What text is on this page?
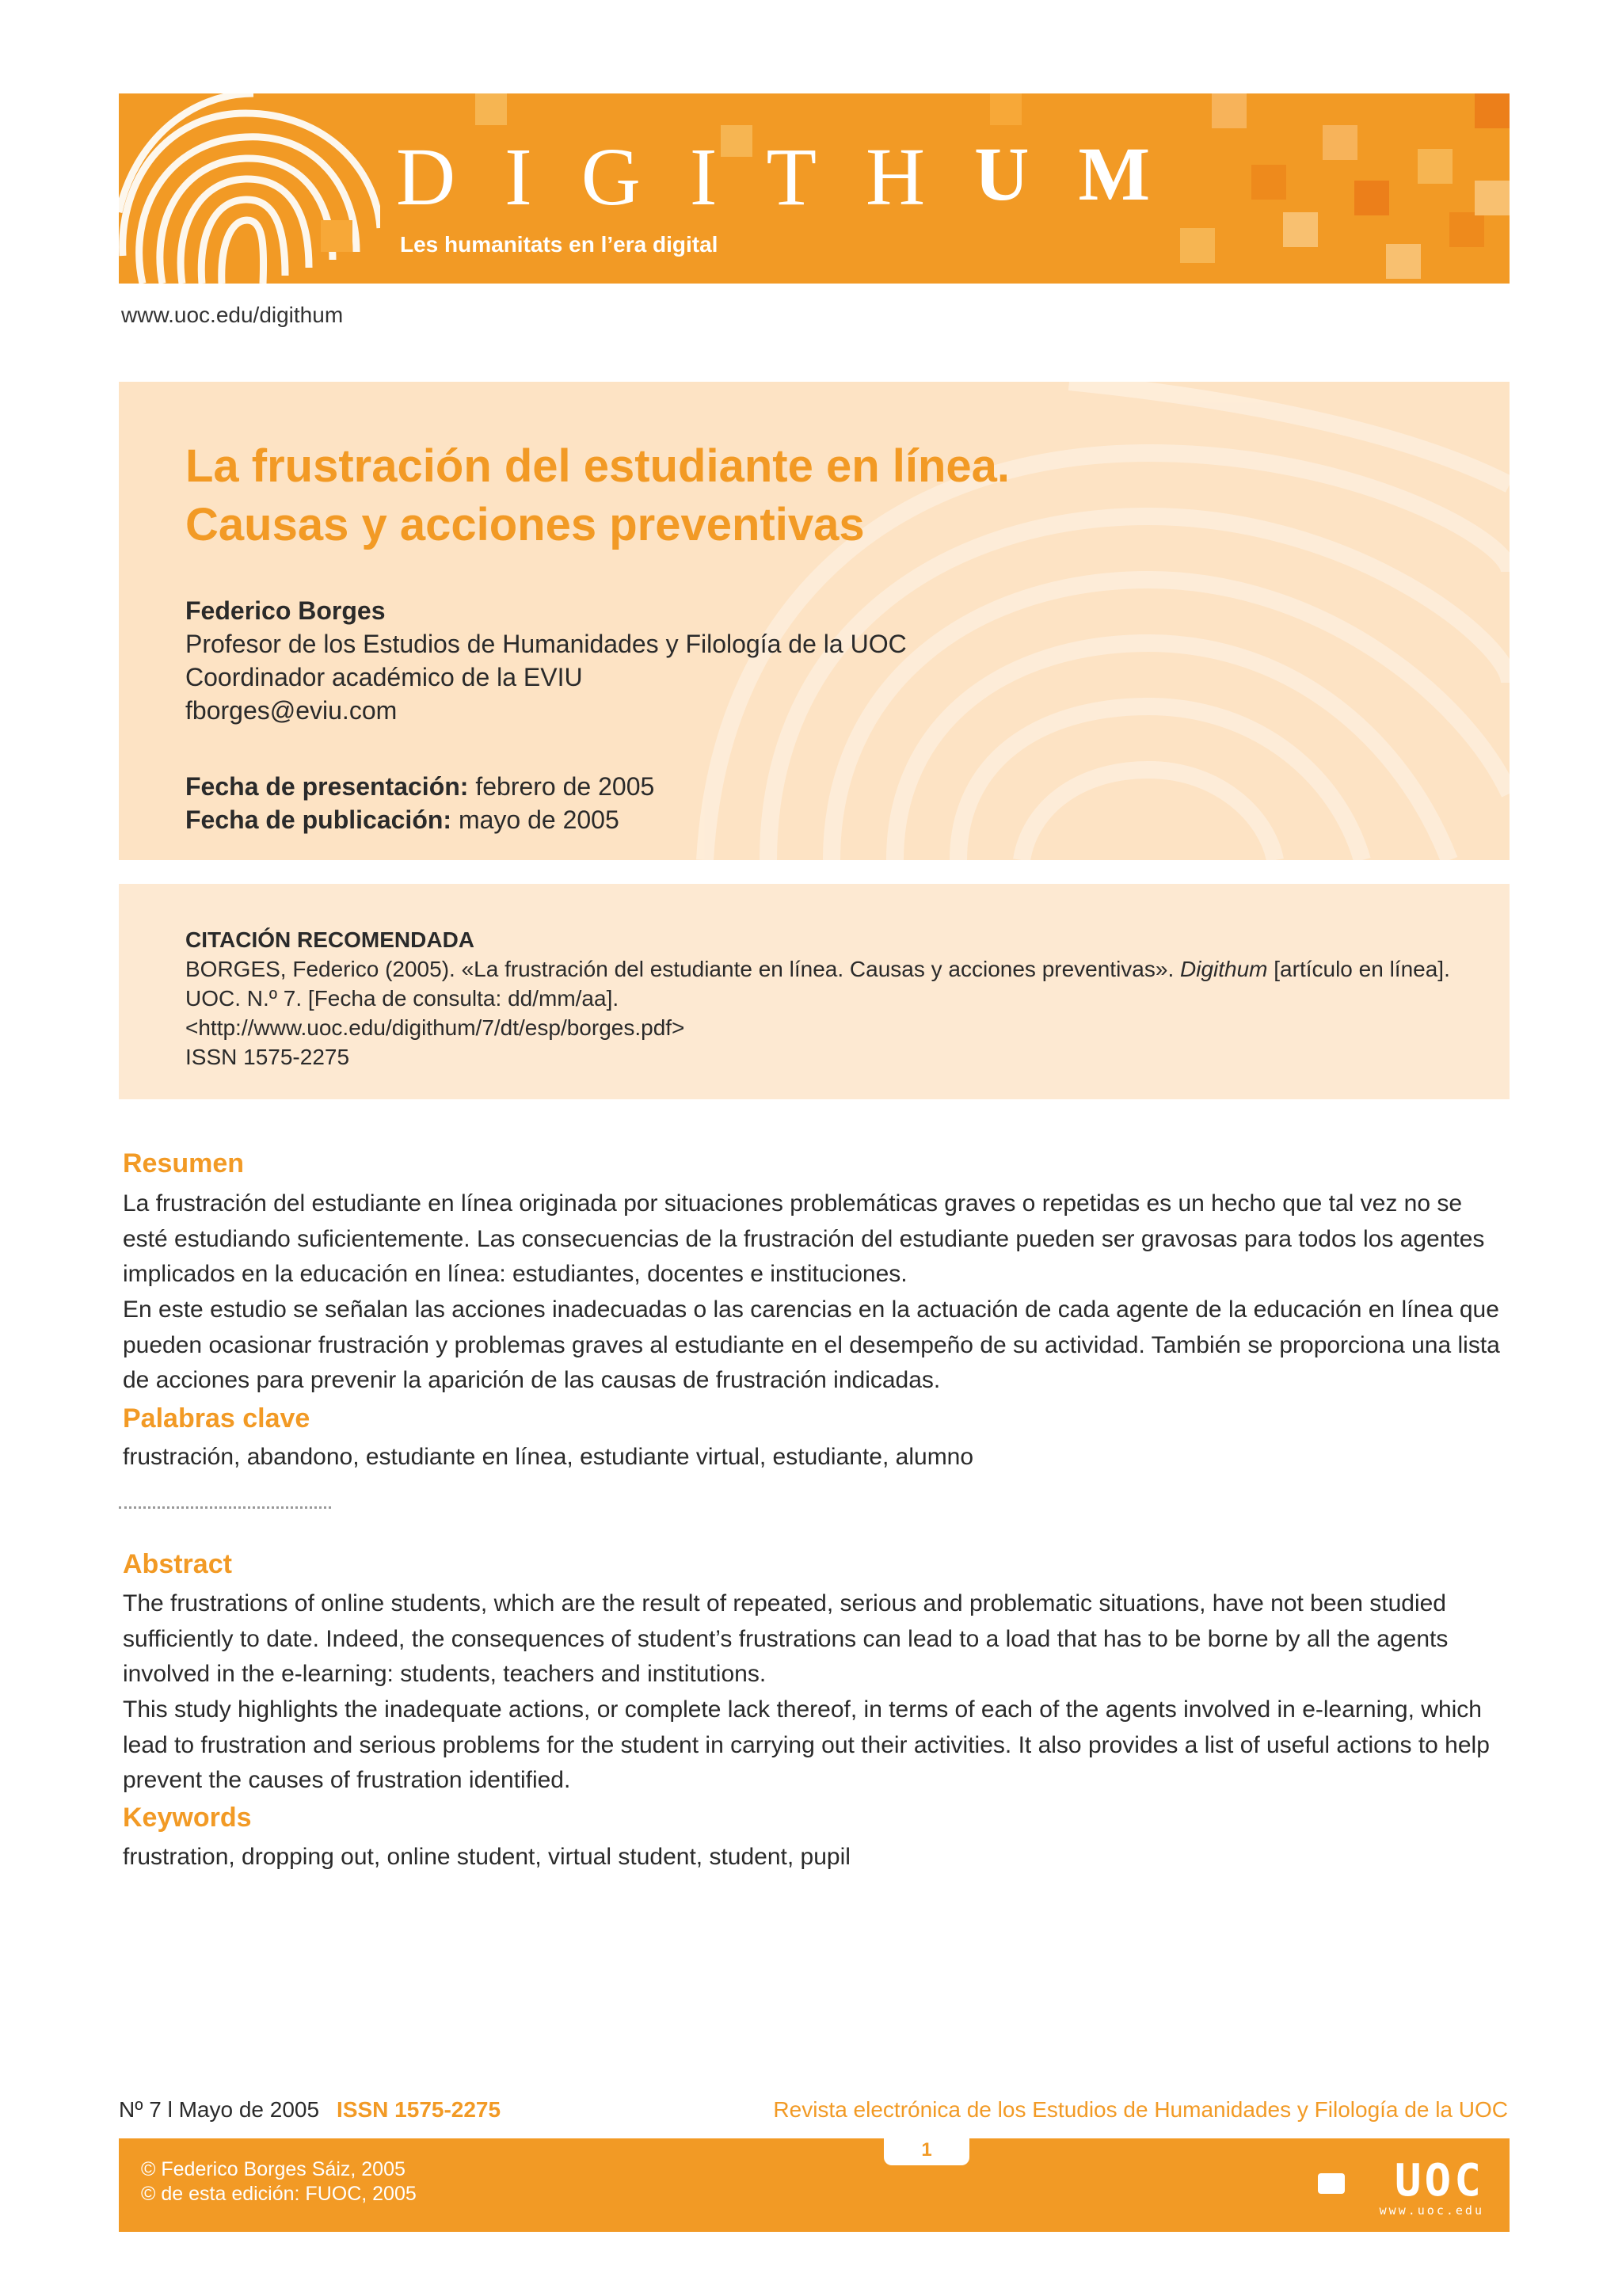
D I G I T H U M
Les humanitats en l’era digital
www.uoc.edu/digithum
La frustración del estudiante en línea.
Causas y acciones preventivas
Federico Borges
Profesor de los Estudios de Humanidades y Filología de la UOC
Coordinador académico de la EVIU
fborges@eviu.com
Fecha de presentación: febrero de 2005
Fecha de publicación: mayo de 2005
CITACIÓN RECOMENDADA
BORGES, Federico (2005). «La frustración del estudiante en línea. Causas y acciones preventivas». Digithum [artículo en línea]. UOC. N.º 7. [Fecha de consulta: dd/mm/aa].
<http://www.uoc.edu/digithum/7/dt/esp/borges.pdf>
ISSN 1575-2275
Resumen
La frustración del estudiante en línea originada por situaciones problemáticas graves o repetidas es un hecho que tal vez no se esté estudiando suficientemente. Las consecuencias de la frustración del estudiante pueden ser gravosas para todos los agentes implicados en la educación en línea: estudiantes, docentes e instituciones.
En este estudio se señalan las acciones inadecuadas o las carencias en la actuación de cada agente de la educación en línea que pueden ocasionar frustración y problemas graves al estudiante en el desempeño de su actividad. También se proporciona una lista de acciones para prevenir la aparición de las causas de frustración indicadas.
Palabras clave
frustración, abandono, estudiante en línea, estudiante virtual, estudiante, alumno
Abstract
The frustrations of online students, which are the result of repeated, serious and problematic situations, have not been studied sufficiently to date. Indeed, the consequences of student’s frustrations can lead to a load that has to be borne by all the agents involved in the e-learning: students, teachers and institutions.
This study highlights the inadequate actions, or complete lack thereof, in terms of each of the agents involved in e-learning, which lead to frustration and serious problems for the student in carrying out their activities. It also provides a list of useful actions to help prevent the causes of frustration identified.
Keywords
frustration, dropping out, online student, virtual student, student, pupil
Nº 7 l Mayo de 2005 ISSN 1575-2275	Revista electrónica de los Estudios de Humanidades y Filología de la UOC
1
© Federico Borges Sáiz, 2005
© de esta edición: FUOC, 2005	UOC
www.uoc.edu
